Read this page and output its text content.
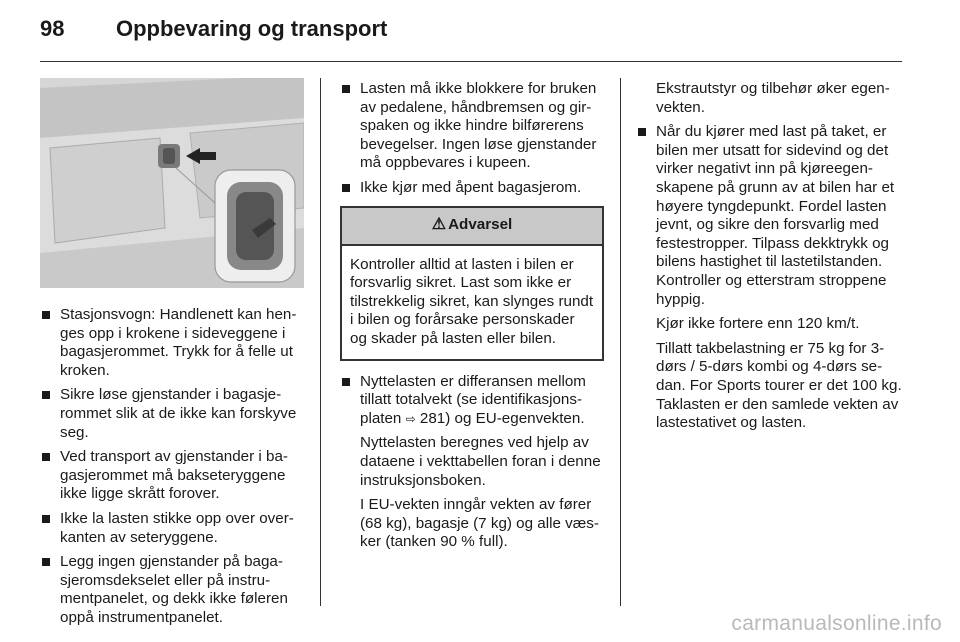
98 Oppbevaring og transport
Stasjonsvogn: Handlenett kan henges opp i krokene i sideveggene i bagasjerommet. Trykk for å felle ut kroken.
Sikre løse gjenstander i bagasjerommet slik at de ikke kan forskyve seg.
Ved transport av gjenstander i bagasjerommet må bakseteryggene ikke ligge skrått forover.
Ikke la lasten stikke opp over overkanten av seteryggene.
Legg ingen gjenstander på bagasjeromsdekselet eller på instrumentpanelet, og dekk ikke føleren oppå instrumentpanelet.
Lasten må ikke blokkere for bruken av pedalene, håndbremsen og girspaken og ikke hindre bilførerens bevegelser. Ingen løse gjenstander må oppbevares i kupeen.
Ikke kjør med åpent bagasjerom.
⚠ Advarsel
Kontroller alltid at lasten i bilen er forsvarlig sikret. Last som ikke er tilstrekkelig sikret, kan slynges rundt i bilen og forårsake personskader og skader på lasten eller bilen.
Nyttelasten er differansen mellom tillatt totalvekt (se identifikasjonsplaten ⇨ 281) og EU-egenvekten.
Nyttelasten beregnes ved hjelp av dataene i vekttabellen foran i denne instruksjonsboken.
I EU-vekten inngår vekten av fører (68 kg), bagasje (7 kg) og alle væsker (tanken 90 % full).
Ekstrautstyr og tilbehør øker egenvekten.
Når du kjører med last på taket, er bilen mer utsatt for sidevind og det virker negativt inn på kjøreegenskapene på grunn av at bilen har et høyere tyngdepunkt. Fordel lasten jevnt, og sikre den forsvarlig med festestropper. Tilpass dekktrykk og bilens hastighet til lastetilstanden. Kontroller og etterstram stroppene hyppig.
Kjør ikke fortere enn 120 km/t.
Tillatt takbelastning er 75 kg for 3-dørs / 5-dørs kombi og 4-dørs sedan. For Sports tourer er det 100 kg. Taklasten er den samlede vekten av lastestativet og lasten.
carmanualsonline.info
